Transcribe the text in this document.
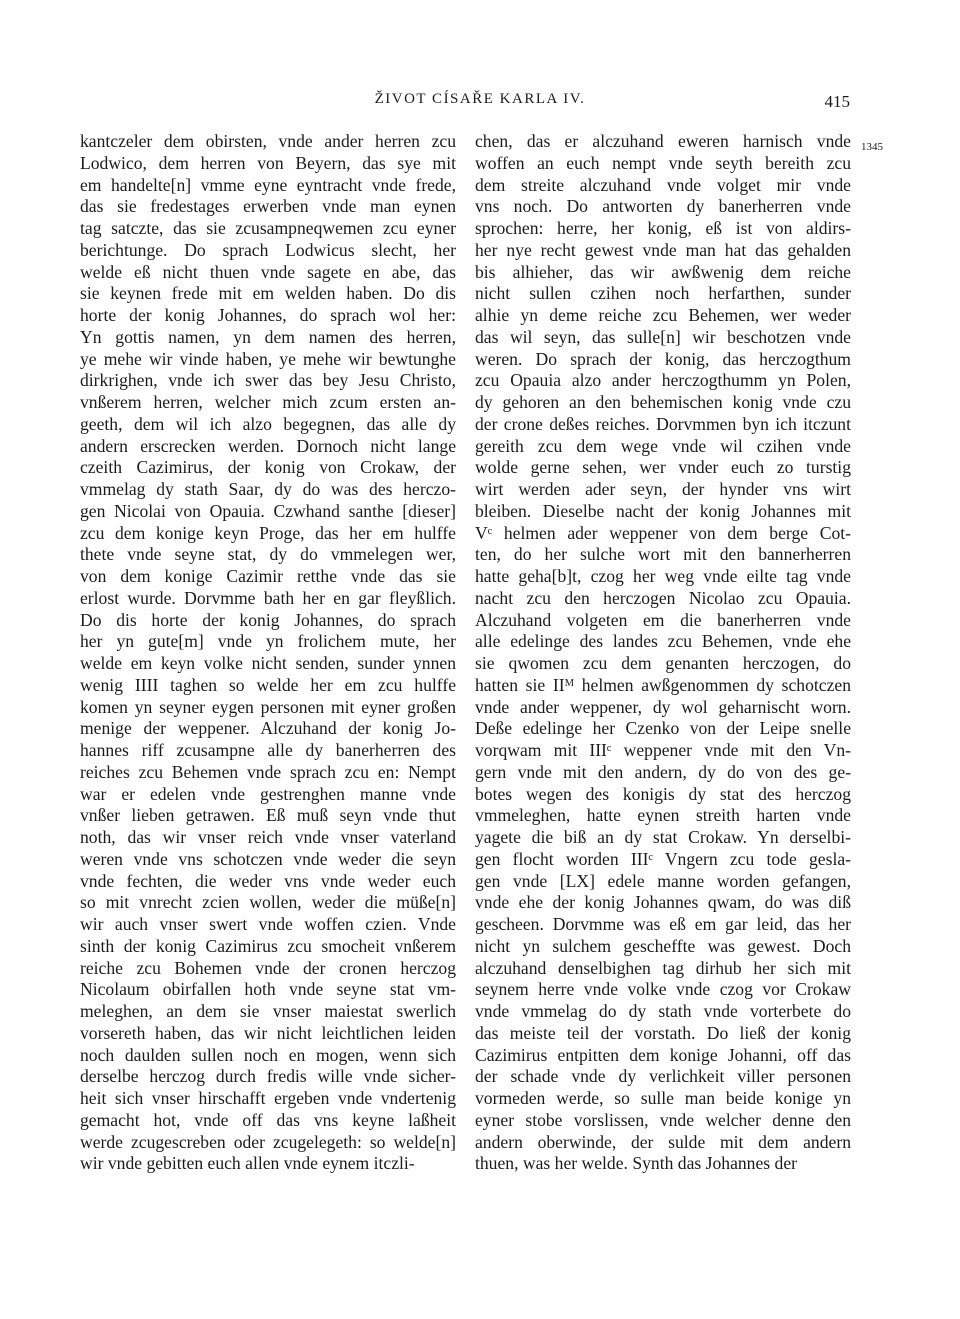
ŽIVOT CÍSAŘE KARLA IV.	415
1345
kantczeler dem obirsten, vnde ander herren zcu
Lodwico, dem herren von Beyern, das sye mit
em handelte[n] vmme eyne eyntracht vnde frede,
das sie fredestages erwerben vnde man eynen
tag satczte, das sie zcusampneqwemen zcu eyner
berichtunge. Do sprach Lodwicus slecht, her
welde eß nicht thuen vnde sagete en abe, das
sie keynen frede mit em welden haben. Do dis
horte der konig Johannes, do sprach wol her:
Yn gottis namen, yn dem namen des herren,
ye mehe wir vinde haben, ye mehe wir bewtunghe
dirkrighen, vnde ich swer das bey Jesu Christo,
vnßerem herren, welcher mich zcum ersten an-
geeth, dem wil ich alzo begegnen, das alle dy
andern erscrecken werden. Dornoch nicht lange
czeith Cazimirus, der konig von Crokaw, der
vmmelag dy stath Saar, dy do was des herczo-
gen Nicolai von Opauia. Czwhand santhe [dieser]
zcu dem konige keyn Proge, das her em hulffe
thete vnde seyne stat, dy do vmmelegen wer,
von dem konige Cazimir retthe vnde das sie
erlost wurde. Dorvmme bath her en gar fleyßlich.
Do dis horte der konig Johannes, do sprach
her yn gute[m] vnde yn frolichem mute, her
welde em keyn volke nicht senden, sunder ynnen
wenig IIII taghen so welde her em zcu hulffe
komen yn seyner eygen personen mit eyner großen
menige der weppener. Alczuhand der konig Jo-
hannes riff zcusampne alle dy banerherren des
reiches zcu Behemen vnde sprach zcu en: Nempt
war er edelen vnde gestrenghen manne vnde
vnßer lieben getrawen. Eß muß seyn vnde thut
noth, das wir vnser reich vnde vnser vaterland
weren vnde vns schotczen vnde weder die seyn
vnde fechten, die weder vns vnde weder euch
so mit vnrecht zcien wollen, weder die müße[n]
wir auch vnser swert vnde woffen czien. Vnde
sinth der konig Cazimirus zcu smocheit vnßerem
reiche zcu Bohemen vnde der cronen herczog
Nicolaum obirfallen hoth vnde seyne stat vm-
meleghen, an dem sie vnser maiestat swerlich
vorsereth haben, das wir nicht leichtlichen leiden
noch daulden sullen noch en mogen, wenn sich
derselbe herczog durch fredis wille vnde sicher-
heit sich vnser hirschafft ergeben vnde vndertenig
gemacht hot, vnde off das vns keyne laßheit
werde zcugescreben oder zcugelegeth: so welde[n]
wir vnde gebitten euch allen vnde eynem itczli-
chen, das er alczuhand eweren harnisch vnde
woffen an euch nempt vnde seyth bereith zcu
dem streite alczuhand vnde volget mir vnde
vns noch. Do antworten dy banerherren vnde
sprochen: herre, her konig, eß ist von aldirs-
her nye recht gewest vnde man hat das gehalden
bis alhieher, das wir awßwenig dem reiche
nicht sullen czihen noch herfarthen, sunder
alhie yn deme reiche zcu Behemen, wer weder
das wil seyn, das sulle[n] wir beschotzen vnde
weren. Do sprach der konig, das herczogthum
zcu Opauia alzo ander herczogthumm yn Polen,
dy gehoren an den behemischen konig vnde czu
der crone deßes reiches. Dorvmmen byn ich itczunt
gereith zcu dem wege vnde wil czihen vnde
wolde gerne sehen, wer vnder euch zo turstig
wirt werden ader seyn, der hynder vns wirt
bleiben. Dieselbe nacht der konig Johannes mit
Vᶜ helmen ader weppener von dem berge Cot-
ten, do her sulche wort mit den bannerherren
hatte geha[b]t, czog her weg vnde eilte tag vnde
nacht zcu den herczogen Nicolao zcu Opauia.
Alczuhand volgeten em die banerherren vnde
alle edelinge des landes zcu Behemen, vnde ehe
sie qwomen zcu dem genanten herczogen, do
hatten sie IIᴹ helmen awßgenommen dy schotczen
vnde ander weppener, dy wol geharnischt worn.
Deße edelinge her Czenko von der Leipe snelle
vorqwam mit IIIᶜ weppener vnde mit den Vn-
gern vnde mit den andern, dy do von des ge-
botes wegen des konigis dy stat des herczog
vmmeleghen, hatte eynen streith harten vnde
yagete die biß an dy stat Crokaw. Yn derselbi-
gen flocht worden IIIᶜ Vngern zcu tode gesla-
gen vnde [LX] edele manne worden gefangen,
vnde ehe der konig Johannes qwam, do was diß
gescheen. Dorvmme was eß em gar leid, das her
nicht yn sulchem gescheffte was gewest. Doch
alczuhand denselbighen tag dirhub her sich mit
seynem herre vnde volke vnde czog vor Crokaw
vnde vmmelag do dy stath vnde vorterbete do
das meiste teil der vorstath. Do ließ der konig
Cazimirus entpitten dem konige Johanni, off das
der schade vnde dy verlichkeit viller personen
vormeden werde, so sulle man beide konige yn
eyner stobe vorslissen, vnde welcher denne den
andern oberwinde, der sulde mit dem andern
thuen, was her welde. Synth das Johannes der
